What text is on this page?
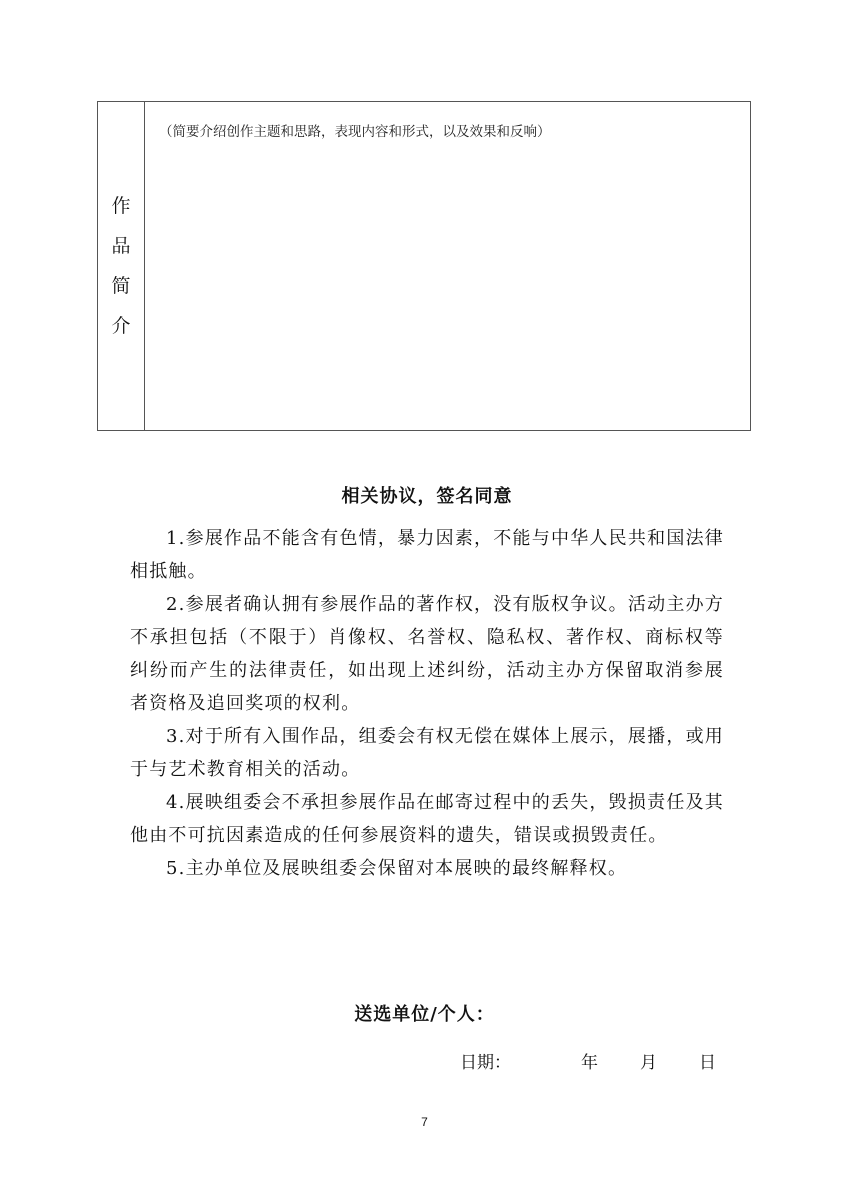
作
品
简
介
（简要介绍创作主题和思路，表现内容和形式，以及效果和反响）
相关协议，签名同意

1.参展作品不能含有色情，暴力因素，不能与中华人民共和国法律相抵触。

2.参展者确认拥有参展作品的著作权，没有版权争议。活动主办方不承担包括（不限于）肖像权、名誉权、隐私权、著作权、商标权等纠纷而产生的法律责任，如出现上述纠纷，活动主办方保留取消参展者资格及追回奖项的权利。

3.对于所有入围作品，组委会有权无偿在媒体上展示，展播，或用于与艺术教育相关的活动。

4.展映组委会不承担参展作品在邮寄过程中的丢失，毁损责任及其他由不可抗因素造成的任何参展资料的遗失，错误或损毁责任。

5.主办单位及展映组委会保留对本展映的最终解释权。

送选单位/个人：
日期：	年 月 日
7
